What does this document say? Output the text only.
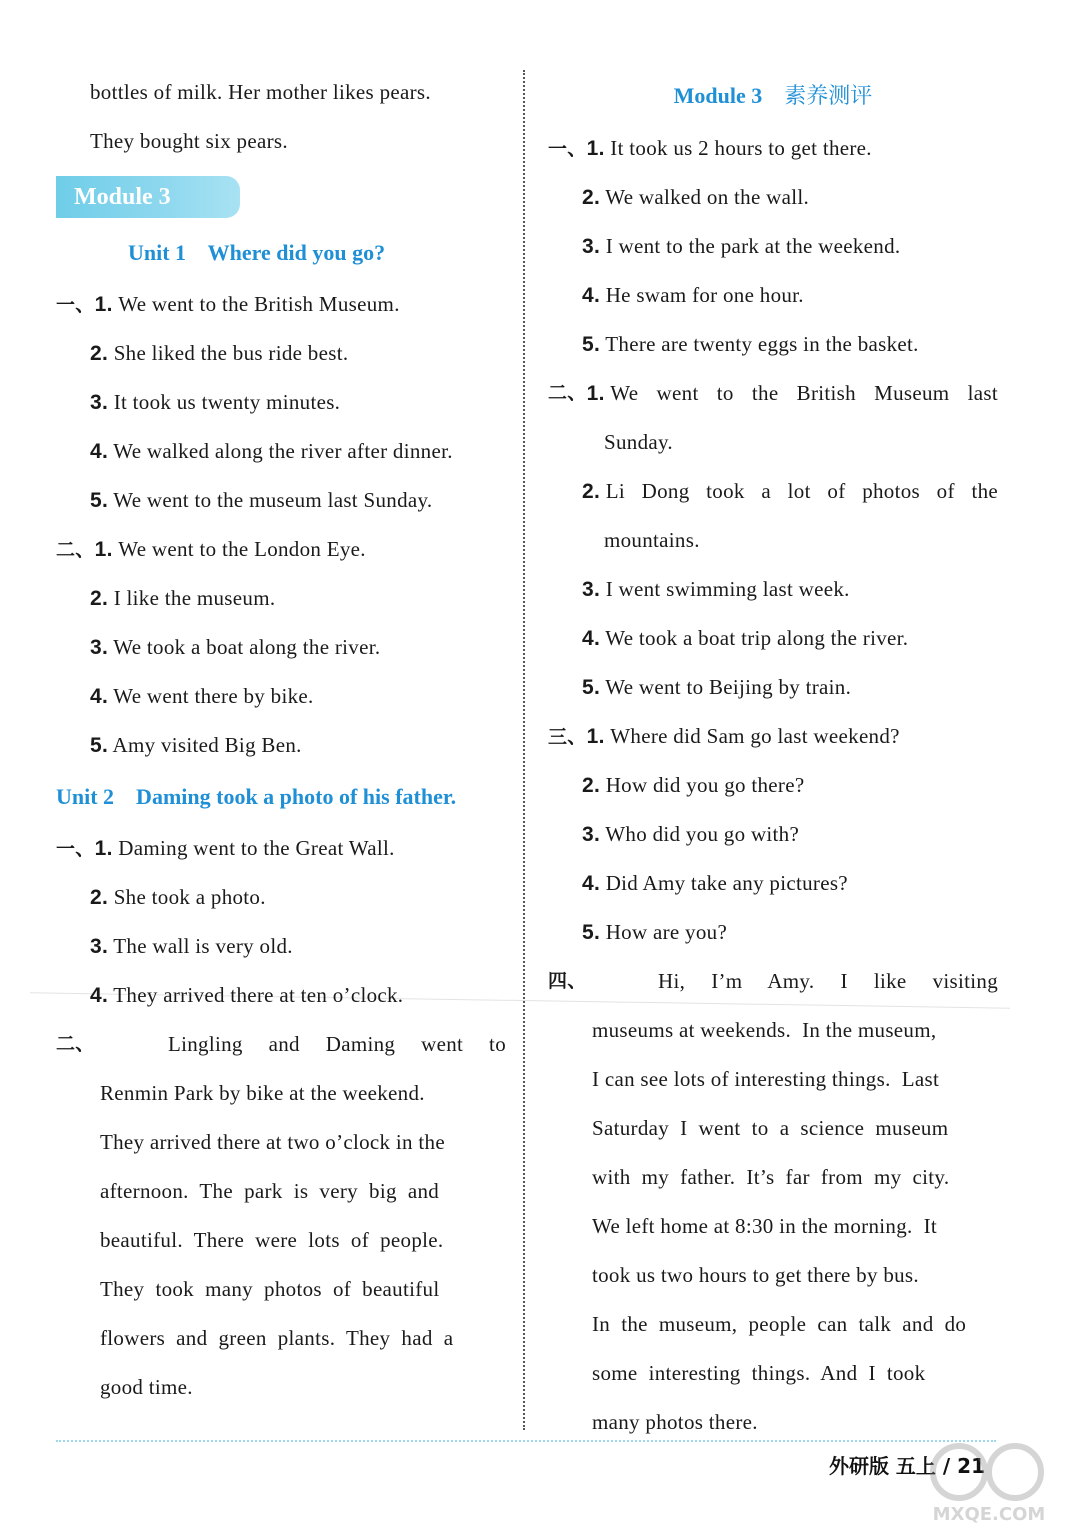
bottles of milk. Her mother likes pears.
They bought six pears.
Module 3
Unit 1    Where did you go?
一、1. We went to the British Museum.
2. She liked the bus ride best.
3. It took us twenty minutes.
4. We walked along the river after dinner.
5. We went to the museum last Sunday.
二、1. We went to the London Eye.
2. I like the museum.
3. We took a boat along the river.
4. We went there by bike.
5. Amy visited Big Ben.
Unit 2    Daming took a photo of his father.
一、1. Daming went to the Great Wall.
2. She took a photo.
3. The wall is very old.
4. They arrived there at ten o’clock.
二、	Lingling  and  Daming  went  to
Renmin Park by bike at the weekend.
They arrived there at two o’clock in the
afternoon.  The  park  is  very  big  and
beautiful.  There  were  lots  of  people.
They  took  many  photos  of  beautiful
flowers  and  green  plants.  They  had  a
good time.
Module 3 素养测评
一、1. It took us 2 hours to get there.
2. We walked on the wall.
3. I went to the park at the weekend.
4. He swam for one hour.
5. There are twenty eggs in the basket.
二、 1.
We  went  to  the  British  Museum  last
Sunday.
2.
Li  Dong  took  a  lot  of  photos  of  the
mountains.
3. I went swimming last week.
4. We took a boat trip along the river.
5. We went to Beijing by train.
三、1. Where did Sam go last weekend?
2. How did you go there?
3. Who did you go with?
4. Did Amy take any pictures?
5. How are you?
四、	Hi,  I’m  Amy.  I  like  visiting
museums at weekends.  In the museum,
I can see lots of interesting things.  Last
Saturday  I  went  to  a  science  museum
with  my  father.  It’s  far  from  my  city.
We left home at 8:30 in the morning.  It
took us two hours to get there by bus.
In  the  museum,  people  can  talk  and  do
some  interesting  things.  And  I  took
many photos there.
外研版 五上 / 21
MXQE.COM
